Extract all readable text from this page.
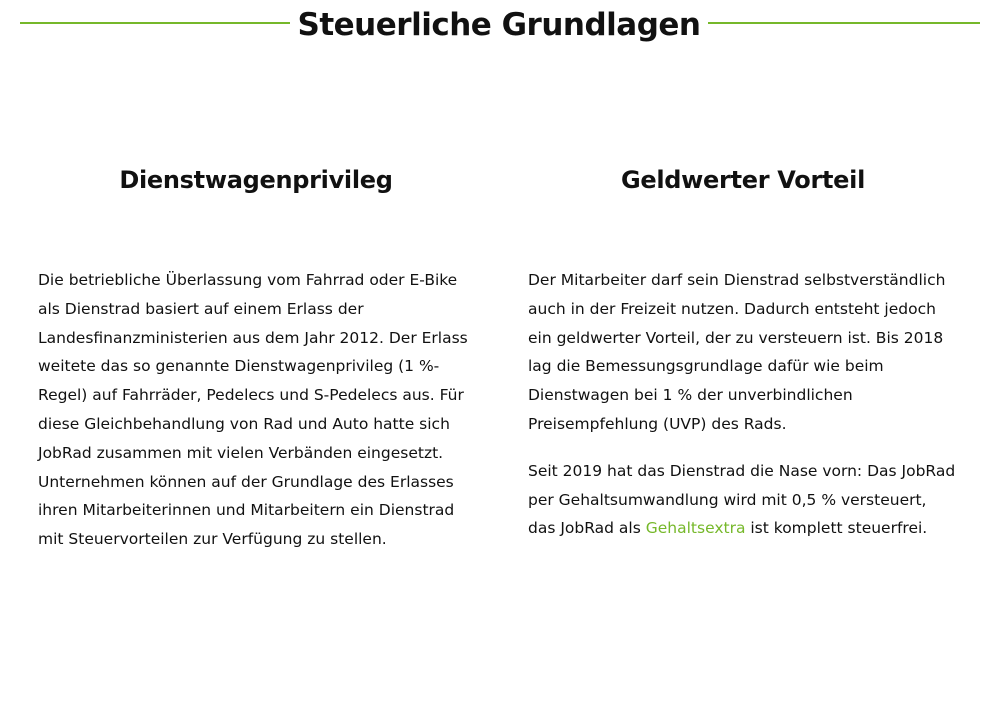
Steuerliche Grundlagen
Dienstwagenprivileg

Die betriebliche Überlassung vom Fahrrad oder E-Bike als Dienstrad basiert auf einem Erlass der Landesfinanzministerien aus dem Jahr 2012. Der Erlass weitete das so genannte Dienstwagenprivileg (1 %-Regel) auf Fahrräder, Pedelecs und S-Pedelecs aus. Für diese Gleichbehandlung von Rad und Auto hatte sich JobRad zusammen mit vielen Verbänden eingesetzt. Unternehmen können auf der Grundlage des Erlasses ihren Mitarbeiterinnen und Mitarbeitern ein Dienstrad mit Steuervorteilen zur Verfügung zu stellen.

Geldwerter Vorteil

Der Mitarbeiter darf sein Dienstrad selbstverständlich auch in der Freizeit nutzen. Dadurch entsteht jedoch ein geldwerter Vorteil, der zu versteuern ist. Bis 2018 lag die Bemessungsgrundlage dafür wie beim Dienstwagen bei 1 % der unverbindlichen Preisempfehlung (UVP) des Rads.

Seit 2019 hat das Dienstrad die Nase vorn: Das JobRad per Gehaltsumwandlung wird mit 0,5 % versteuert, das JobRad als Gehaltsextra ist komplett steuerfrei.
